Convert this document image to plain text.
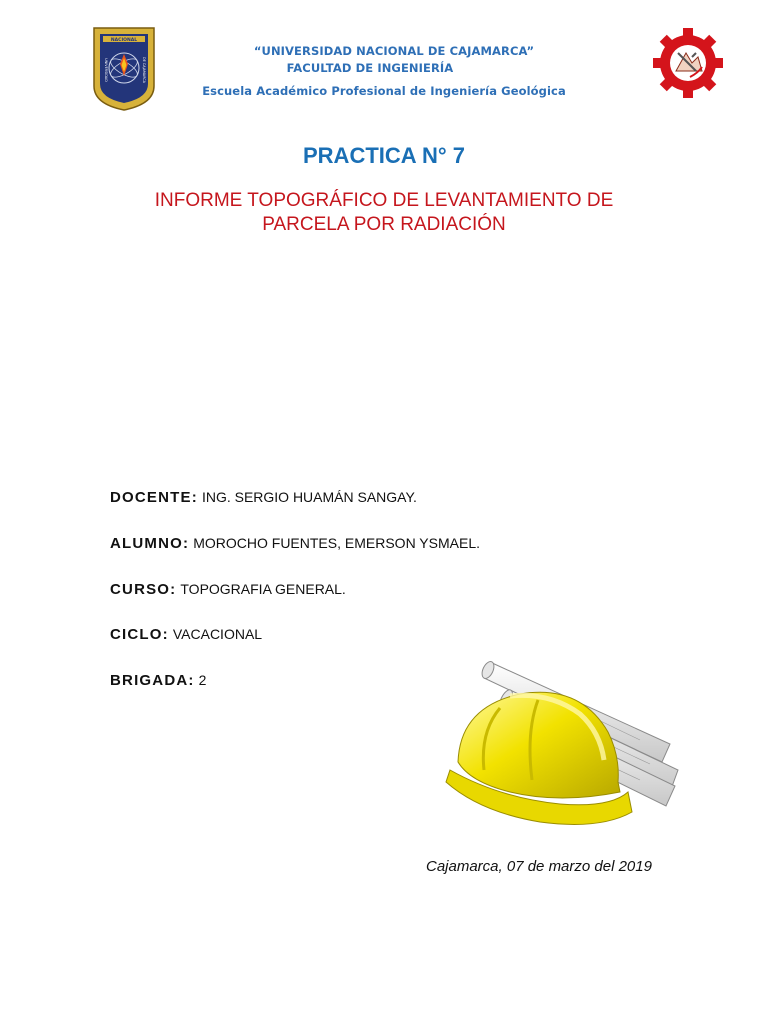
NACIONAL
UNIVERSIDAD	DE CAJAMARCA
“UNIVERSIDAD NACIONAL DE CAJAMARCA”
FACULTAD DE INGENIERÍA
Escuela Académico Profesional de Ingeniería Geológica
PRACTICA N° 7
INFORME TOPOGRÁFICO DE LEVANTAMIENTO DE
PARCELA POR RADIACIÓN
DOCENTE: ING. SERGIO HUAMÁN SANGAY.
ALUMNO: MOROCHO FUENTES, EMERSON YSMAEL.
CURSO: TOPOGRAFIA GENERAL.
CICLO: VACACIONAL
BRIGADA: 2
Cajamarca, 07 de marzo del 2019
